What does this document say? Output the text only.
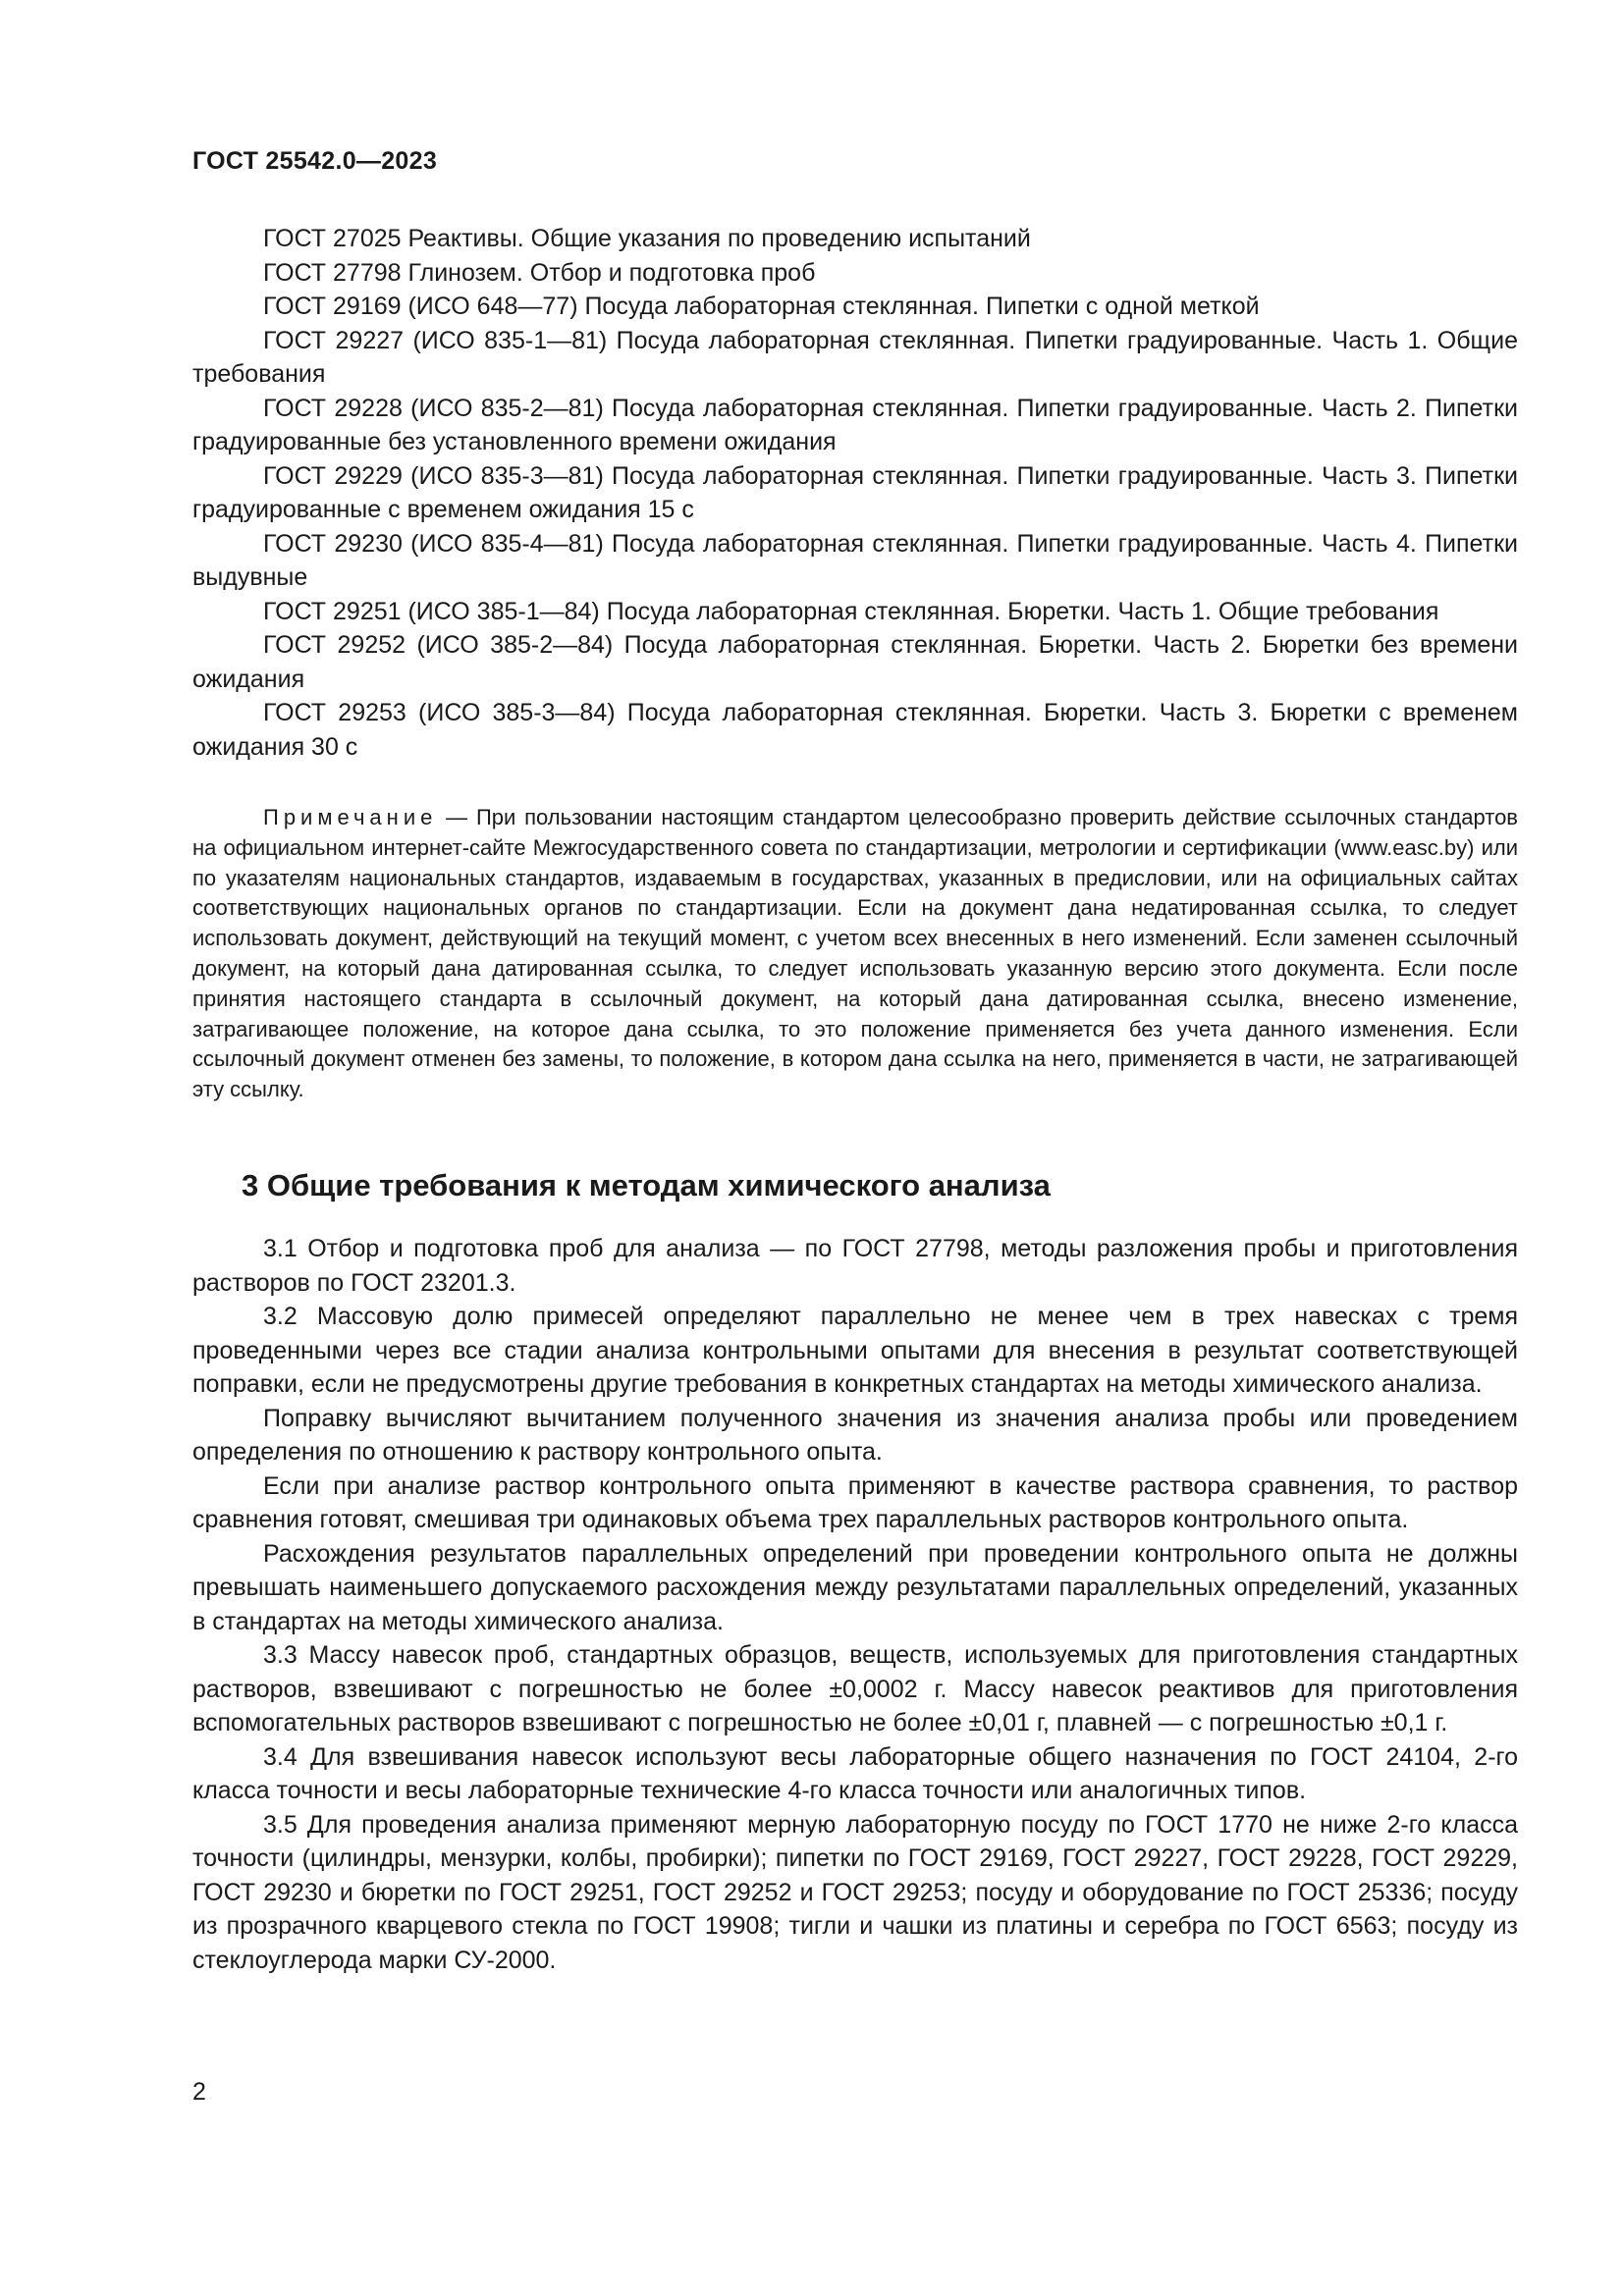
ГОСТ 25542.0—2023

ГОСТ 27025 Реактивы. Общие указания по проведению испытаний

ГОСТ 27798 Глинозем. Отбор и подготовка проб

ГОСТ 29169 (ИСО 648—77) Посуда лабораторная стеклянная. Пипетки с одной меткой

ГОСТ 29227 (ИСО 835-1—81) Посуда лабораторная стеклянная. Пипетки градуированные. Часть 1. Общие требования

ГОСТ 29228 (ИСО 835-2—81) Посуда лабораторная стеклянная. Пипетки градуированные. Часть 2. Пипетки градуированные без установленного времени ожидания

ГОСТ 29229 (ИСО 835-3—81) Посуда лабораторная стеклянная. Пипетки градуированные. Часть 3. Пипетки градуированные с временем ожидания 15 с

ГОСТ 29230 (ИСО 835-4—81) Посуда лабораторная стеклянная. Пипетки градуированные. Часть 4. Пипетки выдувные

ГОСТ 29251 (ИСО 385-1—84) Посуда лабораторная стеклянная. Бюретки. Часть 1. Общие требования

ГОСТ 29252 (ИСО 385-2—84) Посуда лабораторная стеклянная. Бюретки. Часть 2. Бюретки без времени ожидания

ГОСТ 29253 (ИСО 385-3—84) Посуда лабораторная стеклянная. Бюретки. Часть 3. Бюретки с временем ожидания 30 с

Примечание — При пользовании настоящим стандартом целесообразно проверить действие ссылочных стандартов на официальном интернет-сайте Межгосударственного совета по стандартизации, метрологии и сертификации (www.easc.by) или по указателям национальных стандартов, издаваемым в государствах, указанных в предисловии, или на официальных сайтах соответствующих национальных органов по стандартизации. Если на документ дана недатированная ссылка, то следует использовать документ, действующий на текущий момент, с учетом всех внесенных в него изменений. Если заменен ссылочный документ, на который дана датированная ссылка, то следует использовать указанную версию этого документа. Если после принятия настоящего стандарта в ссылочный документ, на который дана датированная ссылка, внесено изменение, затрагивающее положение, на которое дана ссылка, то это положение применяется без учета данного изменения. Если ссылочный документ отменен без замены, то положение, в котором дана ссылка на него, применяется в части, не затрагивающей эту ссылку.

3 Общие требования к методам химического анализа

3.1 Отбор и подготовка проб для анализа — по ГОСТ 27798, методы разложения пробы и приготовления растворов по ГОСТ 23201.3.

3.2 Массовую долю примесей определяют параллельно не менее чем в трех навесках с тремя проведенными через все стадии анализа контрольными опытами для внесения в результат соответствующей поправки, если не предусмотрены другие требования в конкретных стандартах на методы химического анализа.

Поправку вычисляют вычитанием полученного значения из значения анализа пробы или проведением определения по отношению к раствору контрольного опыта.

Если при анализе раствор контрольного опыта применяют в качестве раствора сравнения, то раствор сравнения готовят, смешивая три одинаковых объема трех параллельных растворов контрольного опыта.

Расхождения результатов параллельных определений при проведении контрольного опыта не должны превышать наименьшего допускаемого расхождения между результатами параллельных определений, указанных в стандартах на методы химического анализа.

3.3 Массу навесок проб, стандартных образцов, веществ, используемых для приготовления стандартных растворов, взвешивают с погрешностью не более ±0,0002 г. Массу навесок реактивов для приготовления вспомогательных растворов взвешивают с погрешностью не более ±0,01 г, плавней — с погрешностью ±0,1 г.

3.4 Для взвешивания навесок используют весы лабораторные общего назначения по ГОСТ 24104, 2-го класса точности и весы лабораторные технические 4-го класса точности или аналогичных типов.

3.5 Для проведения анализа применяют мерную лабораторную посуду по ГОСТ 1770 не ниже 2-го класса точности (цилиндры, мензурки, колбы, пробирки); пипетки по ГОСТ 29169, ГОСТ 29227, ГОСТ 29228, ГОСТ 29229, ГОСТ 29230 и бюретки по ГОСТ 29251, ГОСТ 29252 и ГОСТ 29253; посуду и оборудование по ГОСТ 25336; посуду из прозрачного кварцевого стекла по ГОСТ 19908; тигли и чашки из платины и серебра по ГОСТ 6563; посуду из стеклоуглерода марки СУ-2000.

2
